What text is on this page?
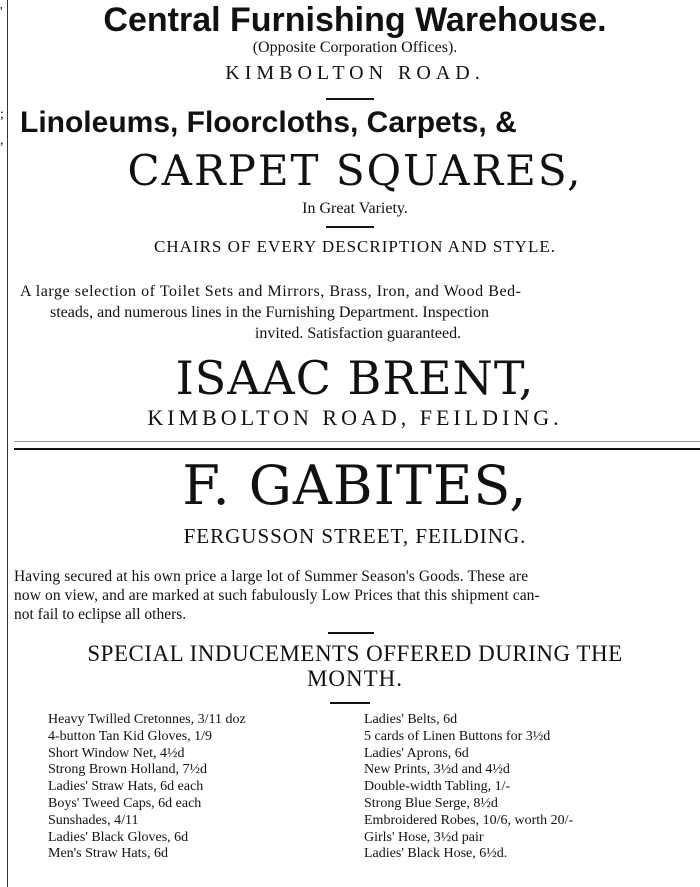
'
;
,
Central Furnishing Warehouse.
(Opposite Corporation Offices).
KIMBOLTON ROAD.
Linoleums, Floorcloths, Carpets, &
CARPET SQUARES,
In Great Variety.
CHAIRS OF EVERY DESCRIPTION AND STYLE.
A large selection of Toilet Sets and Mirrors, Brass, Iron, and Wood Bed-
steads, and numerous lines in the Furnishing Department. Inspection
invited. Satisfaction guaranteed.
ISAAC BRENT,
KIMBOLTON ROAD, FEILDING.
F. GABITES,
FERGUSSON STREET, FEILDING.
Having secured at his own price a large lot of Summer Season's Goods. These are
now on view, and are marked at such fabulously Low Prices that this shipment can-
not fail to eclipse all others.
SPECIAL INDUCEMENTS OFFERED DURING THE
MONTH.
Heavy Twilled Cretonnes, 3/11 doz
4-button Tan Kid Gloves, 1/9
Short Window Net, 4½d
Strong Brown Holland, 7½d
Ladies' Straw Hats, 6d each
Boys' Tweed Caps, 6d each
Sunshades, 4/11
Ladies' Black Gloves, 6d
Men's Straw Hats, 6d
Ladies' Belts, 6d
5 cards of Linen Buttons for 3½d
Ladies' Aprons, 6d
New Prints, 3½d and 4½d
Double-width Tabling, 1/-
Strong Blue Serge, 8½d
Embroidered Robes, 10/6, worth 20/-
Girls' Hose, 3½d pair
Ladies' Black Hose, 6½d.
